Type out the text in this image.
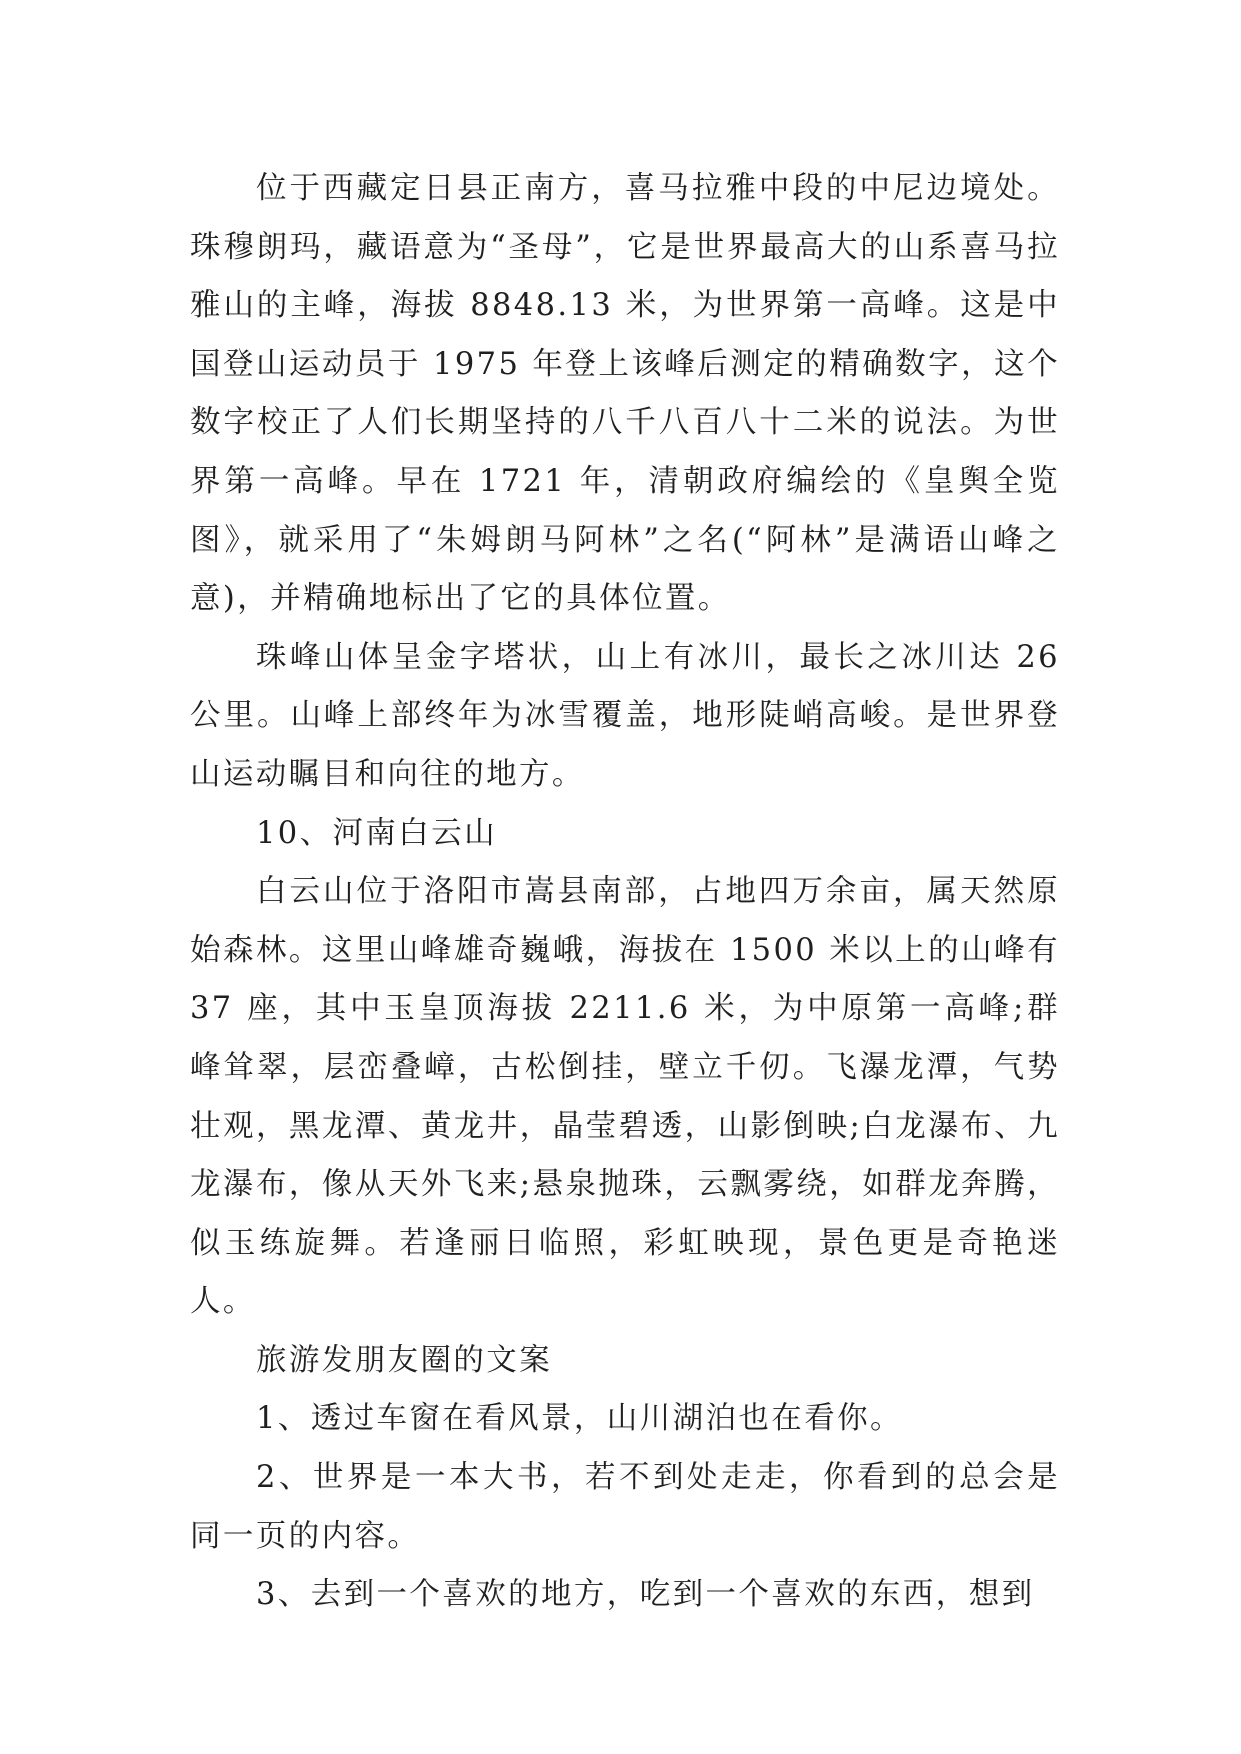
位于西藏定日县正南方，喜马拉雅中段的中尼边境处。珠穆朗玛，藏语意为“圣母”，它是世界最高大的山系喜马拉雅山的主峰，海拔 8848.13 米，为世界第一高峰。这是中国登山运动员于 1975 年登上该峰后测定的精确数字，这个数字校正了人们长期坚持的八千八百八十二米的说法。为世界第一高峰。早在 1721 年，清朝政府编绘的《皇舆全览图》，就采用了“朱姆朗马阿林”之名(“阿林”是满语山峰之意)，并精确地标出了它的具体位置。

珠峰山体呈金字塔状，山上有冰川，最长之冰川达 26 公里。山峰上部终年为冰雪覆盖，地形陡峭高峻。是世界登山运动瞩目和向往的地方。

10、河南白云山

白云山位于洛阳市嵩县南部，占地四万余亩，属天然原始森林。这里山峰雄奇巍峨，海拔在 1500 米以上的山峰有 37 座，其中玉皇顶海拔 2211.6 米，为中原第一高峰;群峰耸翠，层峦叠嶂，古松倒挂，壁立千仞。飞瀑龙潭，气势壮观，黑龙潭、黄龙井，晶莹碧透，山影倒映;白龙瀑布、九龙瀑布，像从天外飞来;悬泉抛珠，云飘雾绕，如群龙奔腾，似玉练旋舞。若逢丽日临照，彩虹映现，景色更是奇艳迷人。

旅游发朋友圈的文案

1、透过车窗在看风景，山川湖泊也在看你。

2、世界是一本大书，若不到处走走，你看到的总会是同一页的内容。

3、去到一个喜欢的地方，吃到一个喜欢的东西，想到
